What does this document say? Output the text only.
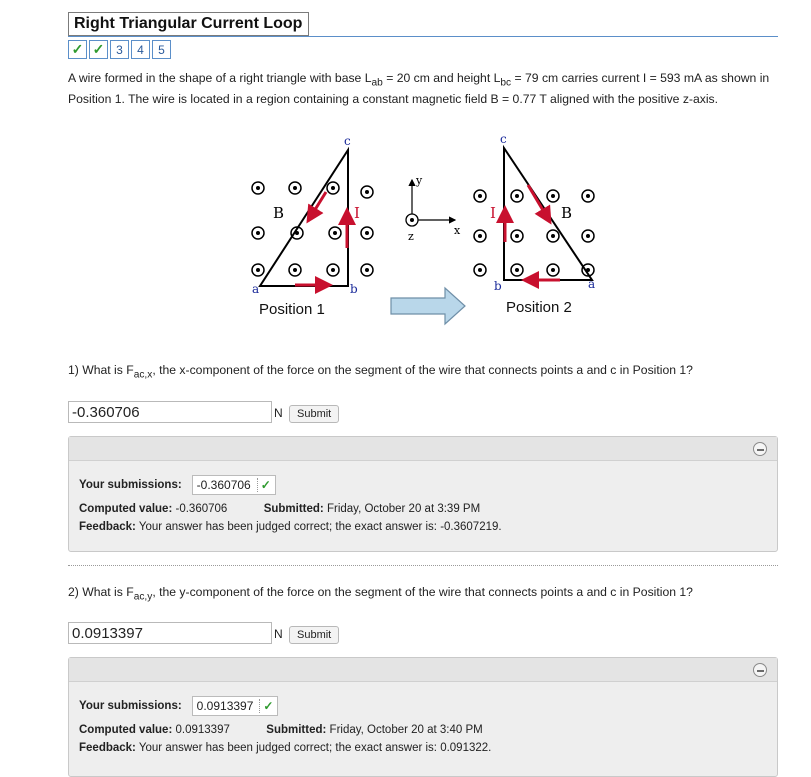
Right Triangular Current Loop
✓ ✓ 3	4	5
A wire formed in the shape of a right triangle with base $L_{ab} = 20$ cm and height $L_{bc} = 79$ cm carries current I = 593 mA as shown in Position 1. The wire is located in a region containing a constant magnetic field B = 0.77 T aligned with the positive z-axis.
c
a	b
B	I
Position 1
y
x
z
c
b	a
B
I
Position 2
1) What is $F_{ac,x}$, the x-component of the force on the segment of the wire that connects points a and c in Position 1?
-0.360706
N	Submit
Your submissions: -0.360706 ✓
Computed value: -0.360706	Submitted: Friday, October 20 at 3:39 PM
Feedback: Your answer has been judged correct; the exact answer is: -0.3607219.
2) What is $F_{ac,y}$, the y-component of the force on the segment of the wire that connects points a and c in Position 1?
0.0913397
N	Submit
Your submissions: 0.0913397 ✓
Computed value: 0.0913397	Submitted: Friday, October 20 at 3:40 PM
Feedback: Your answer has been judged correct; the exact answer is: 0.091322.
